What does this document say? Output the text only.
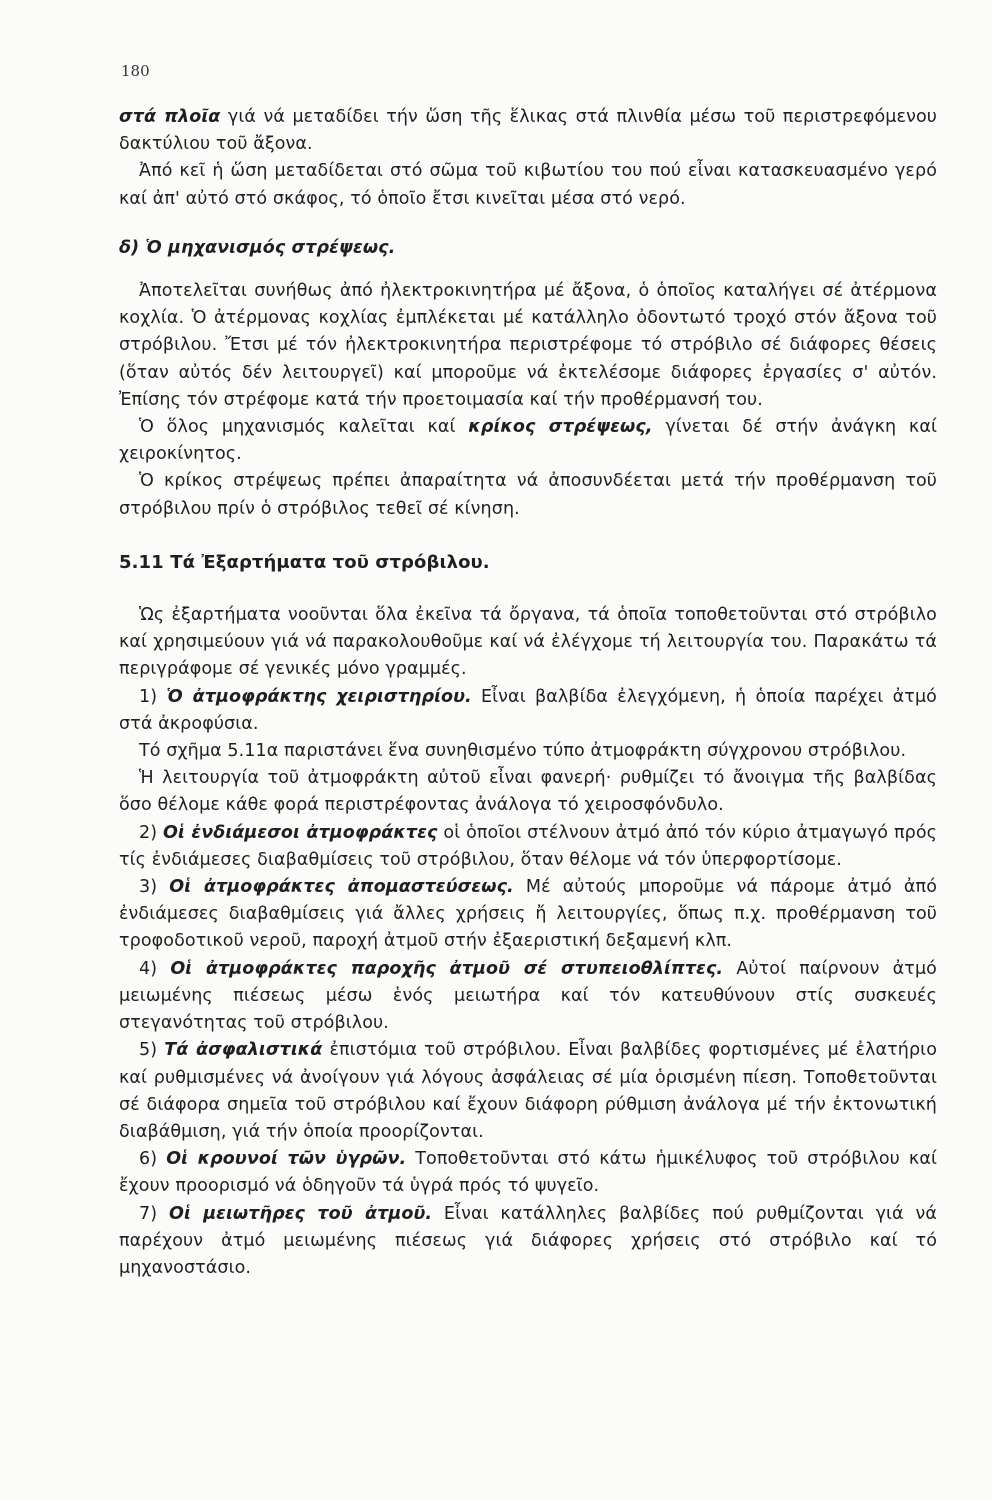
180

στά πλοῖα γιά νά μεταδίδει τήν ὥση τῆς ἕλικας στά πλινθία μέσω τοῦ περιστρεφόμενου δακτύλιου τοῦ ἄξονα.

Ἀπό κεῖ ἡ ὥση μεταδίδεται στό σῶμα τοῦ κιβωτίου του πού εἶναι κατασκευασμένο γερό καί ἀπ' αὐτό στό σκάφος, τό ὁποῖο ἔτσι κινεῖται μέσα στό νερό.

δ) Ὁ μηχανισμός στρέψεως.

Ἀποτελεῖται συνήθως ἀπό ἠλεκτροκινητήρα μέ ἄξονα, ὁ ὁποῖος καταλήγει σέ ἀτέρμονα κοχλία. Ὁ ἀτέρμονας κοχλίας ἐμπλέκεται μέ κατάλληλο ὀδοντωτό τροχό στόν ἄξονα τοῦ στρόβιλου. Ἔτσι μέ τόν ἠλεκτροκινητήρα περιστρέφομε τό στρόβιλο σέ διάφορες θέσεις (ὅταν αὐτός δέν λειτουργεῖ) καί μποροῦμε νά ἐκτελέσομε διάφορες ἐργασίες σ' αὐτόν. Ἐπίσης τόν στρέφομε κατά τήν προετοιμασία καί τήν προθέρμανσή του.

Ὁ ὅλος μηχανισμός καλεῖται καί κρίκος στρέψεως, γίνεται δέ στήν ἀνάγκη καί χειροκίνητος.

Ὁ κρίκος στρέψεως πρέπει ἀπαραίτητα νά ἀποσυνδέεται μετά τήν προθέρμανση τοῦ στρόβιλου πρίν ὁ στρόβιλος τεθεῖ σέ κίνηση.

5.11 Τά Ἐξαρτήματα τοῦ στρόβιλου.

Ὡς ἐξαρτήματα νοοῦνται ὅλα ἐκεῖνα τά ὄργανα, τά ὁποῖα τοποθετοῦνται στό στρόβιλο καί χρησιμεύουν γιά νά παρακολουθοῦμε καί νά ἐλέγχομε τή λειτουργία του. Παρακάτω τά περιγράφομε σέ γενικές μόνο γραμμές.

1) Ὁ ἀτμοφράκτης χειριστηρίου. Εἶναι βαλβίδα ἐλεγχόμενη, ἡ ὁποία παρέχει ἀτμό στά ἀκροφύσια.

Τό σχῆμα 5.11α παριστάνει ἕνα συνηθισμένο τύπο ἀτμοφράκτη σύγχρονου στρόβιλου.

Ἡ λειτουργία τοῦ ἀτμοφράκτη αὐτοῦ εἶναι φανερή· ρυθμίζει τό ἄνοιγμα τῆς βαλβίδας ὅσο θέλομε κάθε φορά περιστρέφοντας ἀνάλογα τό χειροσφόνδυλο.

2) Οἱ ἐνδιάμεσοι ἀτμοφράκτες οἱ ὁποῖοι στέλνουν ἀτμό ἀπό τόν κύριο ἀτμαγωγό πρός τίς ἐνδιάμεσες διαβαθμίσεις τοῦ στρόβιλου, ὅταν θέλομε νά τόν ὑπερφορτίσομε.

3) Οἱ ἀτμοφράκτες ἀπομαστεύσεως. Μέ αὐτούς μποροῦμε νά πάρομε ἀτμό ἀπό ἐνδιάμεσες διαβαθμίσεις γιά ἄλλες χρήσεις ἤ λειτουργίες, ὅπως π.χ. προθέρμανση τοῦ τροφοδοτικοῦ νεροῦ, παροχή ἀτμοῦ στήν ἐξαεριστική δεξαμενή κλπ.

4) Οἱ ἀτμοφράκτες παροχῆς ἀτμοῦ σέ στυπειοθλίπτες. Αὐτοί παίρνουν ἀτμό μειωμένης πιέσεως μέσω ἑνός μειωτήρα καί τόν κατευθύνουν στίς συσκευές στεγανότητας τοῦ στρόβιλου.

5) Τά ἀσφαλιστικά ἐπιστόμια τοῦ στρόβιλου. Εἶναι βαλβίδες φορτισμένες μέ ἐλατήριο καί ρυθμισμένες νά ἀνοίγουν γιά λόγους ἀσφάλειας σέ μία ὁρισμένη πίεση. Τοποθετοῦνται σέ διάφορα σημεῖα τοῦ στρόβιλου καί ἔχουν διάφορη ρύθμιση ἀνάλογα μέ τήν ἐκτονωτική διαβάθμιση, γιά τήν ὁποία προορίζονται.

6) Οἱ κρουνοί τῶν ὑγρῶν. Τοποθετοῦνται στό κάτω ἡμικέλυφος τοῦ στρόβιλου καί ἔχουν προορισμό νά ὁδηγοῦν τά ὑγρά πρός τό ψυγεῖο.

7) Οἱ μειωτῆρες τοῦ ἀτμοῦ. Εἶναι κατάλληλες βαλβίδες πού ρυθμίζονται γιά νά παρέχουν ἀτμό μειωμένης πιέσεως γιά διάφορες χρήσεις στό στρόβιλο καί τό μηχανοστάσιο.
